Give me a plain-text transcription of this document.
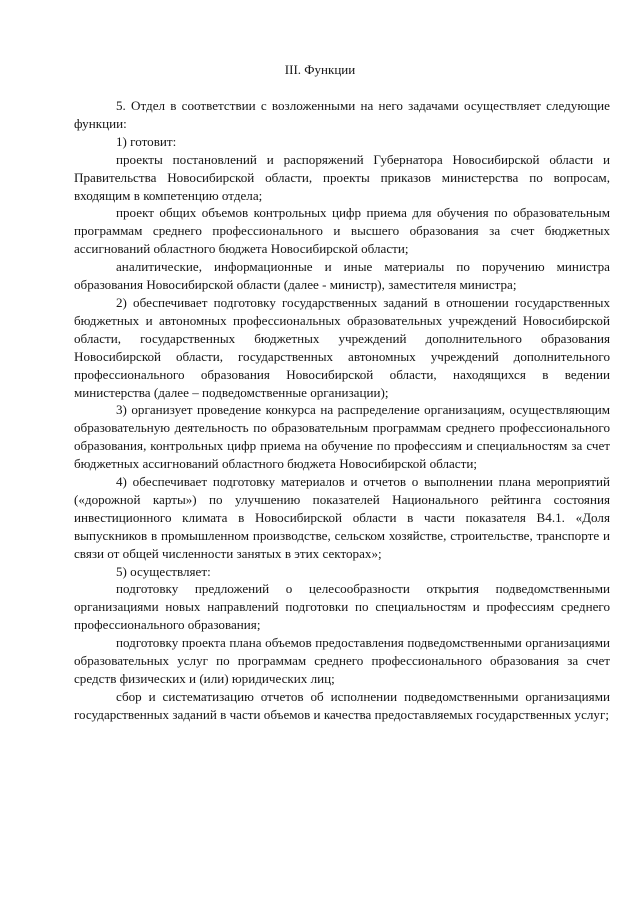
III. Функции

5. Отдел в соответствии с возложенными на него задачами осуществляет следующие функции:

1) готовит:

проекты постановлений и распоряжений Губернатора Новосибирской области и Правительства Новосибирской области, проекты приказов министерства по вопросам, входящим в компетенцию отдела;

проект общих объемов контрольных цифр приема для обучения по образовательным программам среднего профессионального и высшего образования за счет бюджетных ассигнований областного бюджета Новосибирской области;

аналитические, информационные и иные материалы по поручению министра образования Новосибирской области (далее - министр), заместителя министра;

2) обеспечивает подготовку государственных заданий в отношении государственных бюджетных и автономных профессиональных образовательных учреждений Новосибирской области, государственных бюджетных учреждений дополнительного образования Новосибирской области, государственных автономных учреждений дополнительного профессионального образования Новосибирской области, находящихся в ведении министерства (далее – подведомственные организации);

3) организует проведение конкурса на распределение организациям, осуществляющим образовательную деятельность по образовательным программам среднего профессионального образования, контрольных цифр приема на обучение по профессиям и специальностям за счет бюджетных ассигнований областного бюджета Новосибирской области;

4) обеспечивает подготовку материалов и отчетов о выполнении плана мероприятий («дорожной карты») по улучшению показателей Национального рейтинга состояния инвестиционного климата в Новосибирской области в части показателя В4.1. «Доля выпускников в промышленном производстве, сельском хозяйстве, строительстве, транспорте и связи от общей численности занятых в этих секторах»;

5) осуществляет:

подготовку предложений о целесообразности открытия подведомственными организациями новых направлений подготовки по специальностям и профессиям среднего профессионального образования;

подготовку проекта плана объемов предоставления подведомственными организациями образовательных услуг по программам среднего профессионального образования за счет средств физических и (или) юридических лиц;

сбор и систематизацию отчетов об исполнении подведомственными организациями государственных заданий в части объемов и качества предоставляемых государственных услуг;
